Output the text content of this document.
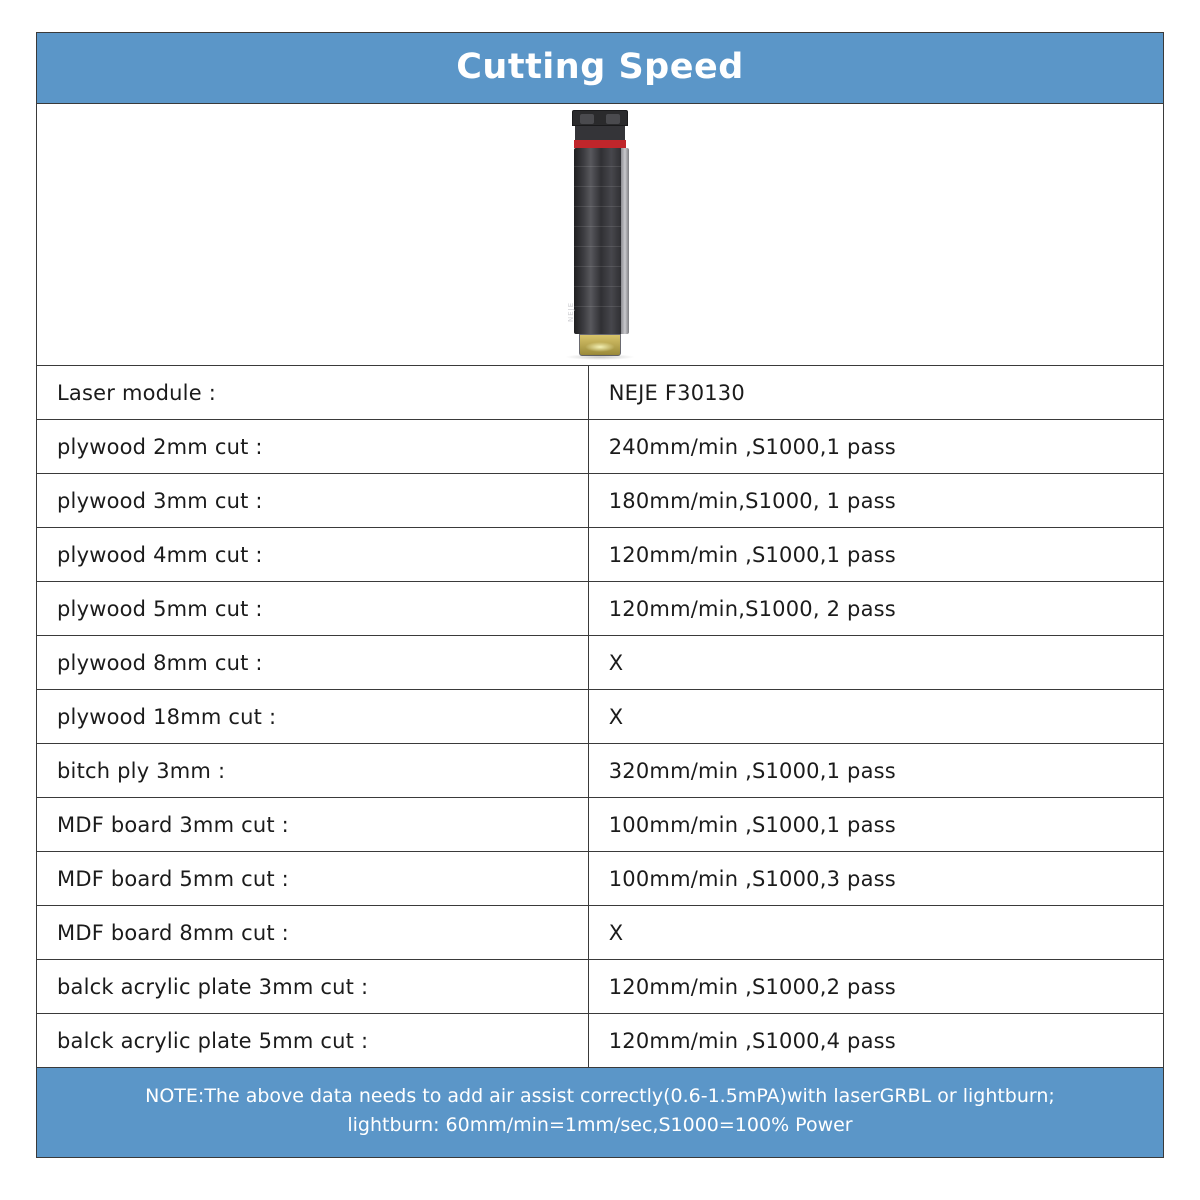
Cutting Speed
NEJE
Laser module :	NEJE F30130
plywood 2mm cut :	240mm/min ,S1000,1 pass
plywood 3mm cut :	180mm/min,S1000, 1 pass
plywood 4mm cut :	120mm/min ,S1000,1 pass
plywood 5mm cut :	120mm/min,S1000, 2 pass
plywood 8mm cut :	X
plywood 18mm cut :	X
bitch ply 3mm :	320mm/min ,S1000,1 pass
MDF board 3mm cut :	100mm/min ,S1000,1 pass
MDF board 5mm cut :	100mm/min ,S1000,3 pass
MDF board 8mm cut :	X
balck acrylic plate 3mm cut :	120mm/min ,S1000,2 pass
balck acrylic plate 5mm cut :	120mm/min ,S1000,4 pass
NOTE:The above data needs to add air assist correctly(0.6-1.5mPA)with laserGRBL or lightburn;
lightburn: 60mm/min=1mm/sec,S1000=100% Power
